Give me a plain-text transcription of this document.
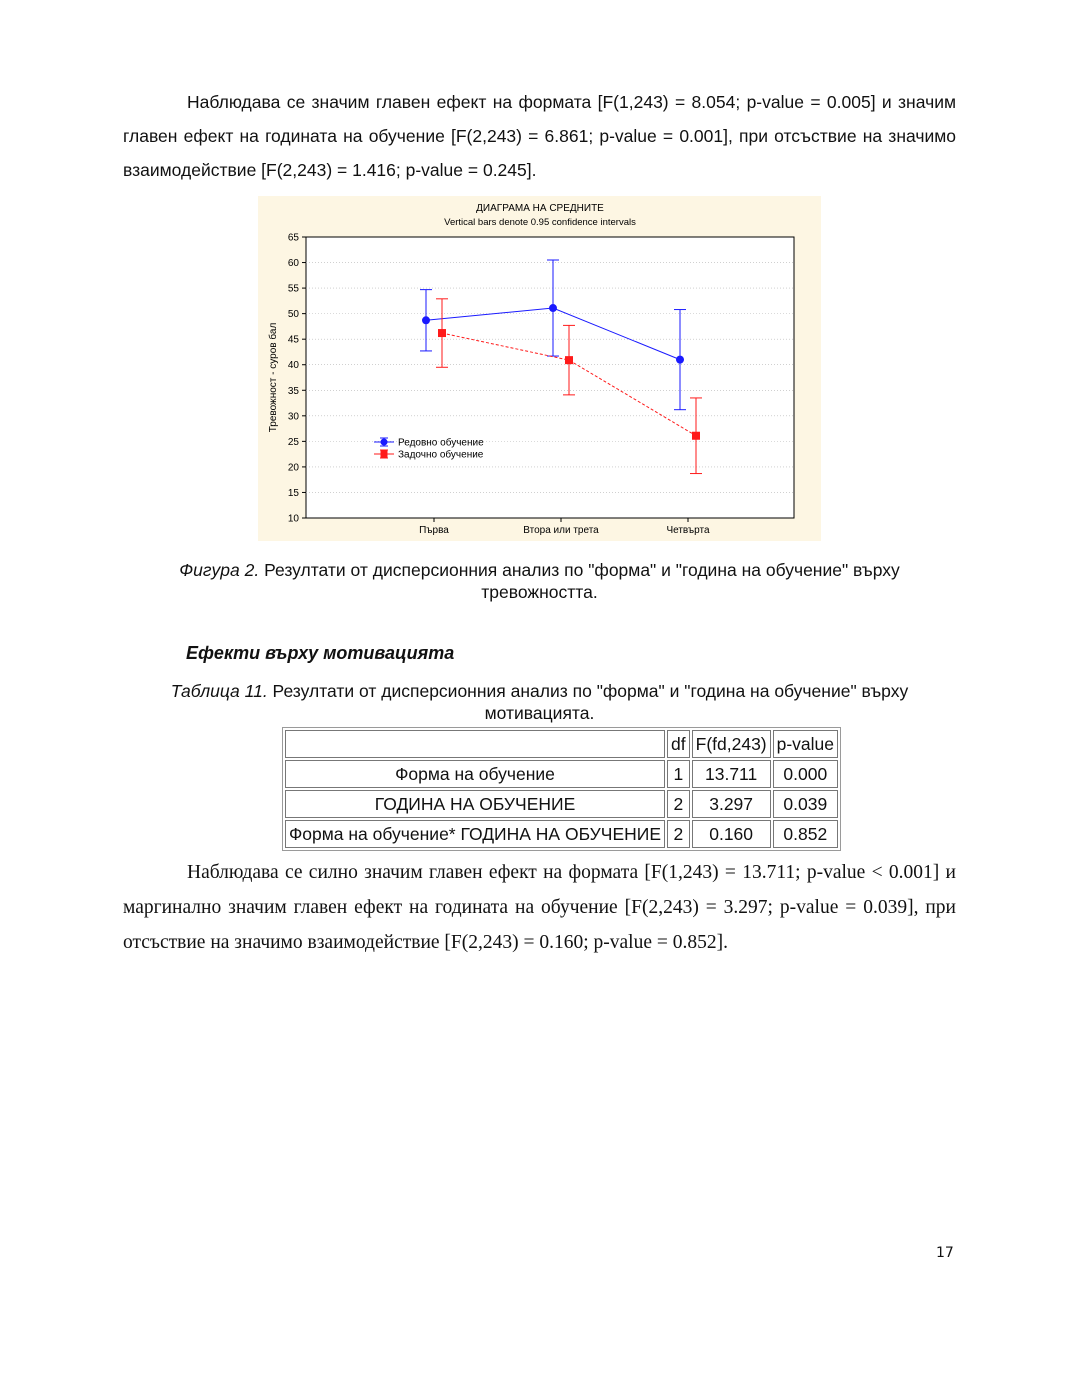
Наблюдава се значим главен ефект на формата [F(1,243) = 8.054; p-value = 0.005] и значим главен ефект на годината на обучение [F(2,243) = 6.861; p-value = 0.001], при отсъствие на значимо взаимодействие [F(2,243) = 1.416; p-value = 0.245].

10
15
20
25
30
35
40
45
50
55
60
65
Първа	Втора или трета	Четвърта
ДИАГРАМА НА СРЕДНИТЕ
Vertical bars denote 0.95 confidence intervals
Тревожност - суров бал
Редовно обучение
Задочно обучение

Фигура 2. Резултати от дисперсионния анализ по "форма" и "година на обучение" върху тревожността.

Ефекти върху мотивацията

Таблица 11. Резултати от дисперсионния анализ по "форма" и "година на обучение" върху мотивацията.

	df	F(fd,243)	p-value
Форма на обучение	1	13.711	0.000
ГОДИНА НА ОБУЧЕНИЕ	2	3.297	0.039
Форма на обучение* ГОДИНА НА ОБУЧЕНИЕ	2	0.160	0.852

Наблюдава се силно значим главен ефект на формата [F(1,243) = 13.711; p-value < 0.001] и маргинално значим главен ефект на годината на обучение [F(2,243) = 3.297; p-value = 0.039], при отсъствие на значимо взаимодействие [F(2,243) = 0.160; p-value = 0.852].

17
